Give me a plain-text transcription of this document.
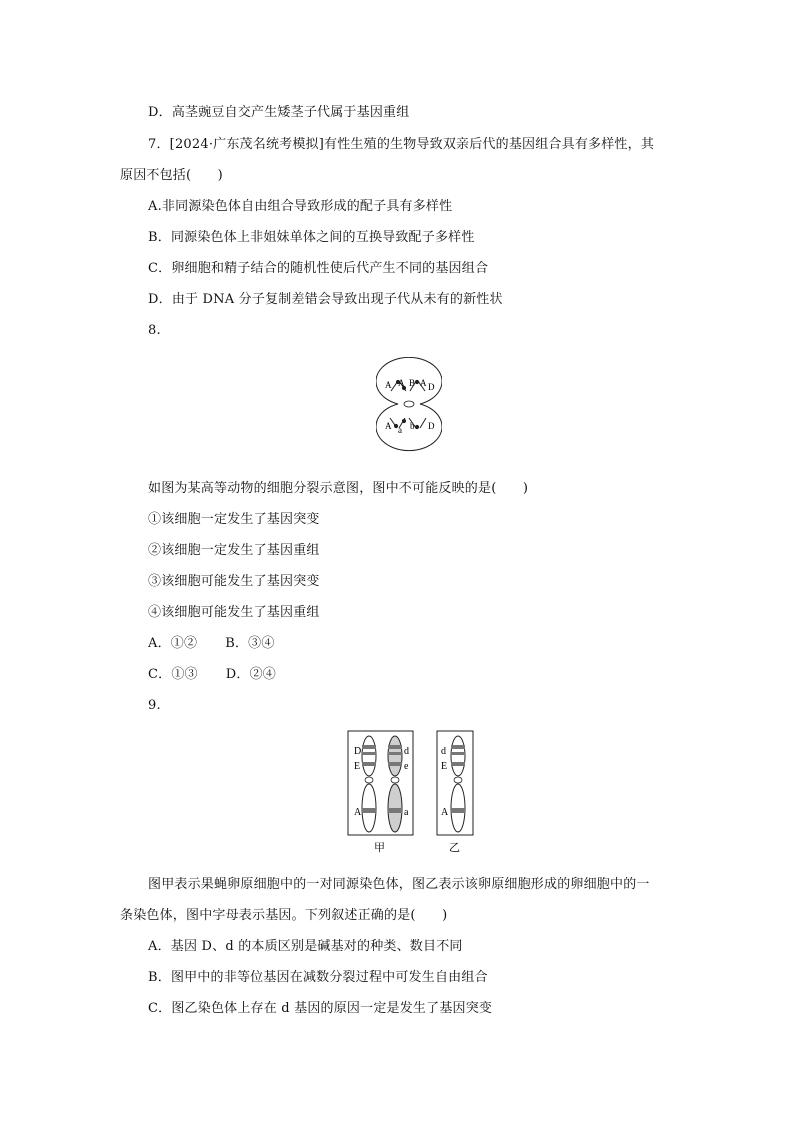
D．高茎豌豆自交产生矮茎子代属于基因重组
7．[2024·广东茂名统考模拟]有性生殖的生物导致双亲后代的基因组合具有多样性，其
原因不包括(　　)
A.非同源染色体自由组合导致形成的配子具有多样性
B．同源染色体上非姐妹单体之间的互换导致配子多样性
C．卵细胞和精子结合的随机性使后代产生不同的基因组合
D．由于 DNA 分子复制差错会导致出现子代从未有的新性状
8.
A A B A D
A a b D
如图为某高等动物的细胞分裂示意图，图中不可能反映的是(　　)
①该细胞一定发生了基因突变
②该细胞一定发生了基因重组
③该细胞可能发生了基因突变
④该细胞可能发生了基因重组
A．①② B．③④
C．①③ D．②④
9.
D
E
A
d
e
a
d
E
A
甲	乙
图甲表示果蝇卵原细胞中的一对同源染色体，图乙表示该卵原细胞形成的卵细胞中的一
条染色体，图中字母表示基因。下列叙述正确的是(　　)
A．基因 D、d 的本质区别是碱基对的种类、数目不同
B．图甲中的非等位基因在减数分裂过程中可发生自由组合
C．图乙染色体上存在 d 基因的原因一定是发生了基因突变
